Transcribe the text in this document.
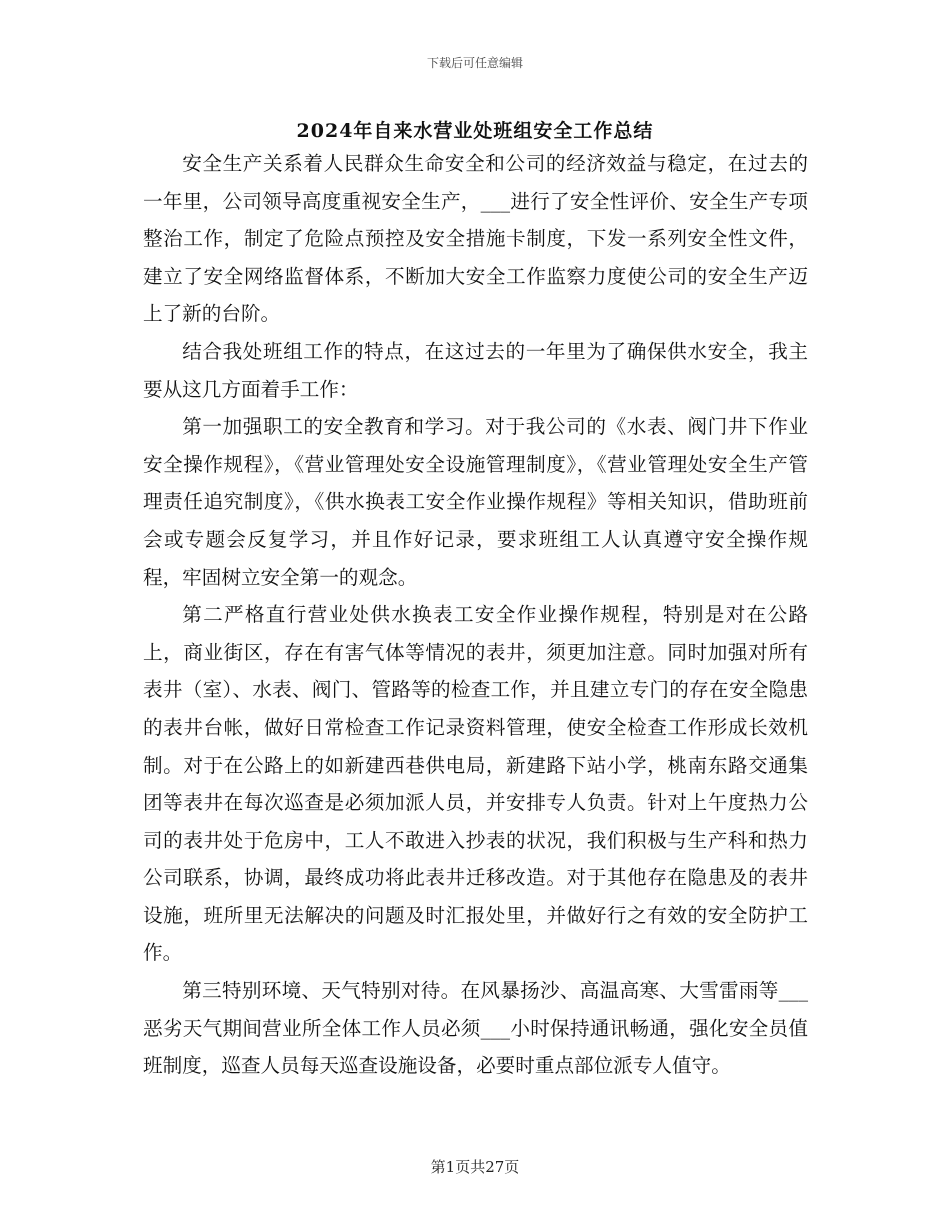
下载后可任意编辑
2024年自来水营业处班组安全工作总结

安全生产关系着人民群众生命安全和公司的经济效益与稳定，在过去的一年里，公司领导高度重视安全生产，___进行了安全性评价、安全生产专项整治工作，制定了危险点预控及安全措施卡制度，下发一系列安全性文件，建立了安全网络监督体系，不断加大安全工作监察力度使公司的安全生产迈上了新的台阶。

结合我处班组工作的特点，在这过去的一年里为了确保供水安全，我主要从这几方面着手工作：

第一加强职工的安全教育和学习。对于我公司的《水表、阀门井下作业安全操作规程》，《营业管理处安全设施管理制度》，《营业管理处安全生产管理责任追究制度》，《供水换表工安全作业操作规程》等相关知识，借助班前会或专题会反复学习，并且作好记录，要求班组工人认真遵守安全操作规程，牢固树立安全第一的观念。

第二严格直行营业处供水换表工安全作业操作规程，特别是对在公路上，商业街区，存在有害气体等情况的表井，须更加注意。同时加强对所有表井（室）、水表、阀门、管路等的检查工作，并且建立专门的存在安全隐患的表井台帐，做好日常检查工作记录资料管理，使安全检查工作形成长效机制。对于在公路上的如新建西巷供电局，新建路下站小学，桃南东路交通集团等表井在每次巡查是必须加派人员，并安排专人负责。针对上午度热力公司的表井处于危房中，工人不敢进入抄表的状况，我们积极与生产科和热力公司联系，协调，最终成功将此表井迁移改造。对于其他存在隐患及的表井设施，班所里无法解决的问题及时汇报处里，并做好行之有效的安全防护工作。

第三特别环境、天气特别对待。在风暴扬沙、高温高寒、大雪雷雨等___恶劣天气期间营业所全体工作人员必须___小时保持通讯畅通，强化安全员值班制度，巡查人员每天巡查设施设备，必要时重点部位派专人值守。

第1页共27页
